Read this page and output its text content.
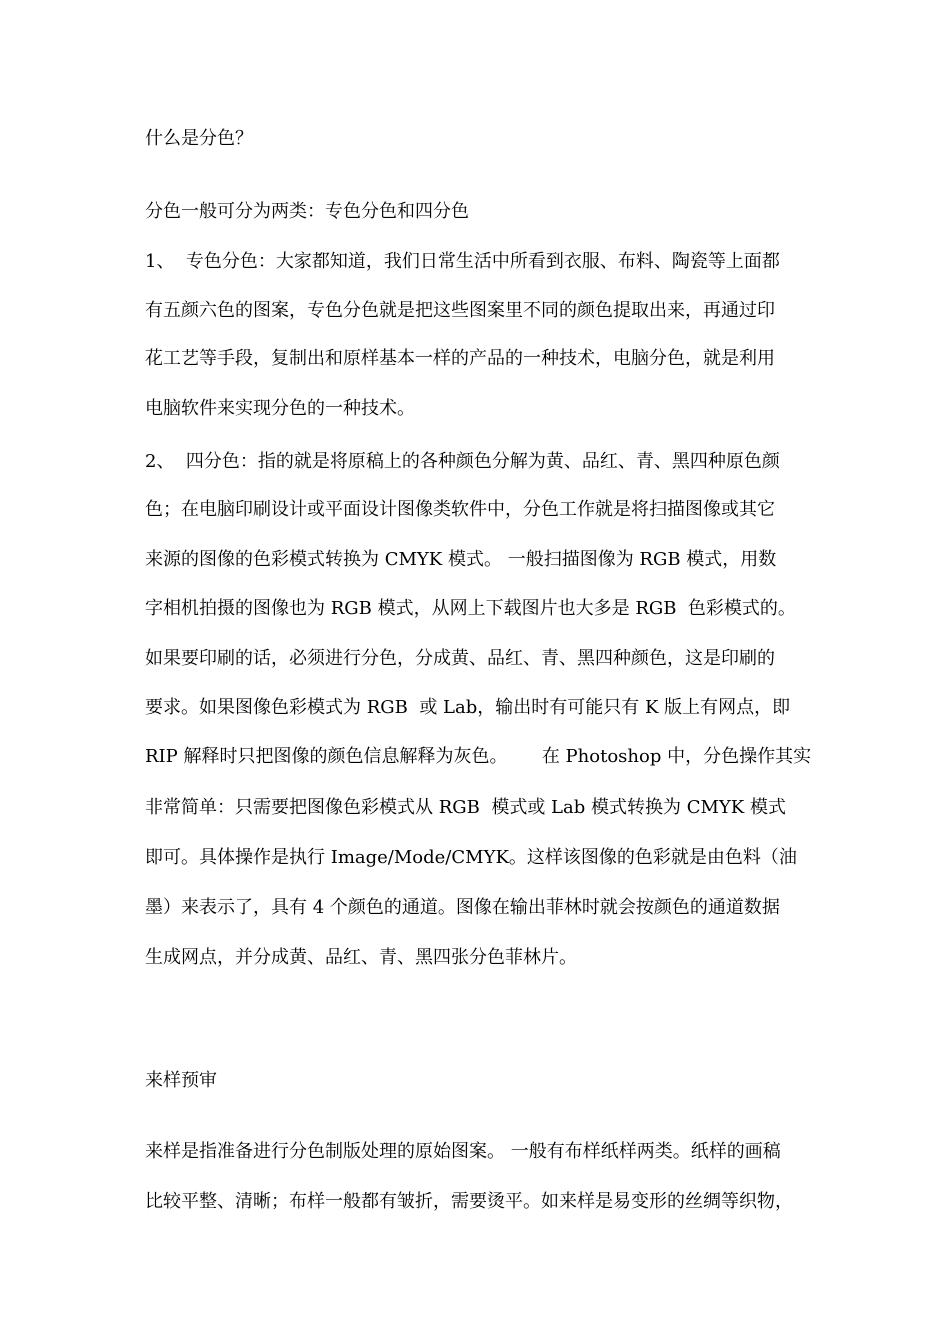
什么是分色？
分色一般可分为两类：专色分色和四分色
1、  专色分色：大家都知道，我们日常生活中所看到衣服、布料、陶瓷等上面都
有五颜六色的图案，专色分色就是把这些图案里不同的颜色提取出来，再通过印
花工艺等手段，复制出和原样基本一样的产品的一种技术，电脑分色，就是利用
电脑软件来实现分色的一种技术。
2、  四分色：指的就是将原稿上的各种颜色分解为黄、品红、青、黑四种原色颜
色；在电脑印刷设计或平面设计图像类软件中，分色工作就是将扫描图像或其它
来源的图像的色彩模式转换为 CMYK 模式。 一般扫描图像为 RGB 模式，用数
字相机拍摄的图像也为 RGB 模式，从网上下载图片也大多是 RGB  色彩模式的。
如果要印刷的话，必须进行分色，分成黄、品红、青、黑四种颜色，这是印刷的
要求。如果图像色彩模式为 RGB  或 Lab，输出时有可能只有 K 版上有网点，即
RIP 解释时只把图像的颜色信息解释为灰色。      在 Photoshop 中，分色操作其实
非常简单：只需要把图像色彩模式从 RGB  模式或 Lab 模式转换为 CMYK 模式
即可。具体操作是执行 Image/Mode/CMYK。这样该图像的色彩就是由色料（油
墨）来表示了，具有 4 个颜色的通道。图像在输出菲林时就会按颜色的通道数据
生成网点，并分成黄、品红、青、黑四张分色菲林片。
来样预审
来样是指准备进行分色制版处理的原始图案。 一般有布样纸样两类。纸样的画稿
比较平整、清晰；布样一般都有皱折，需要烫平。如来样是易变形的丝绸等织物，
